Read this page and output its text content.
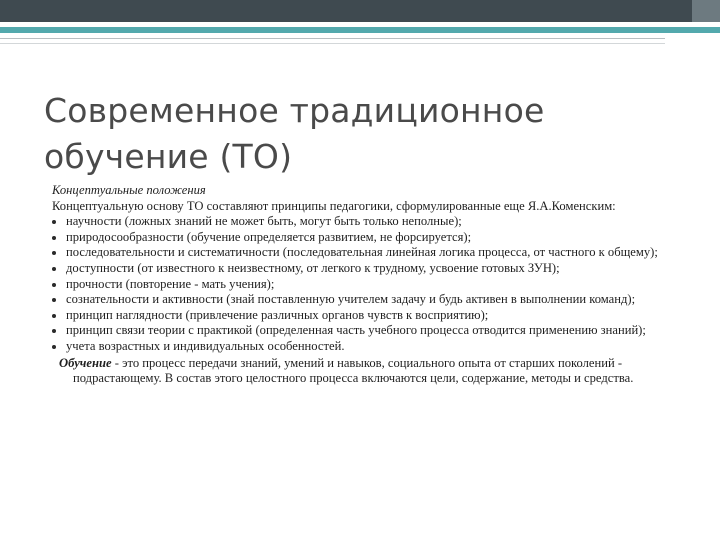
Современное традиционное обучение (ТО)

Концептуальные положения

Концептуальную основу ТО составляют принципы педагогики, сформулированные еще Я.А.Коменским:

научности (ложных знаний не может быть, могут быть только неполные);
природосообразности (обучение определяется развитием, не форсируется);
последовательности и систематичности (последовательная линейная логика процесса, от частного к общему);
доступности (от известного к неизвестному, от легкого к трудному, усвоение готовых ЗУН);
прочности (повторение - мать учения);
сознательности и активности (знай поставленную учителем задачу и будь активен в выполнении команд);
принцип наглядности (привлечение различных органов чувств к восприятию);
принцип связи теории с практикой (определенная часть учебного процесса отводится применению знаний);
учета возрастных и индивидуальных особенностей.

Обучение - это процесс передачи знаний, умений и навыков, социального опыта от старших поколений - подрастающему. В состав этого целостного процесса включаются цели, содержание, методы и средства.
